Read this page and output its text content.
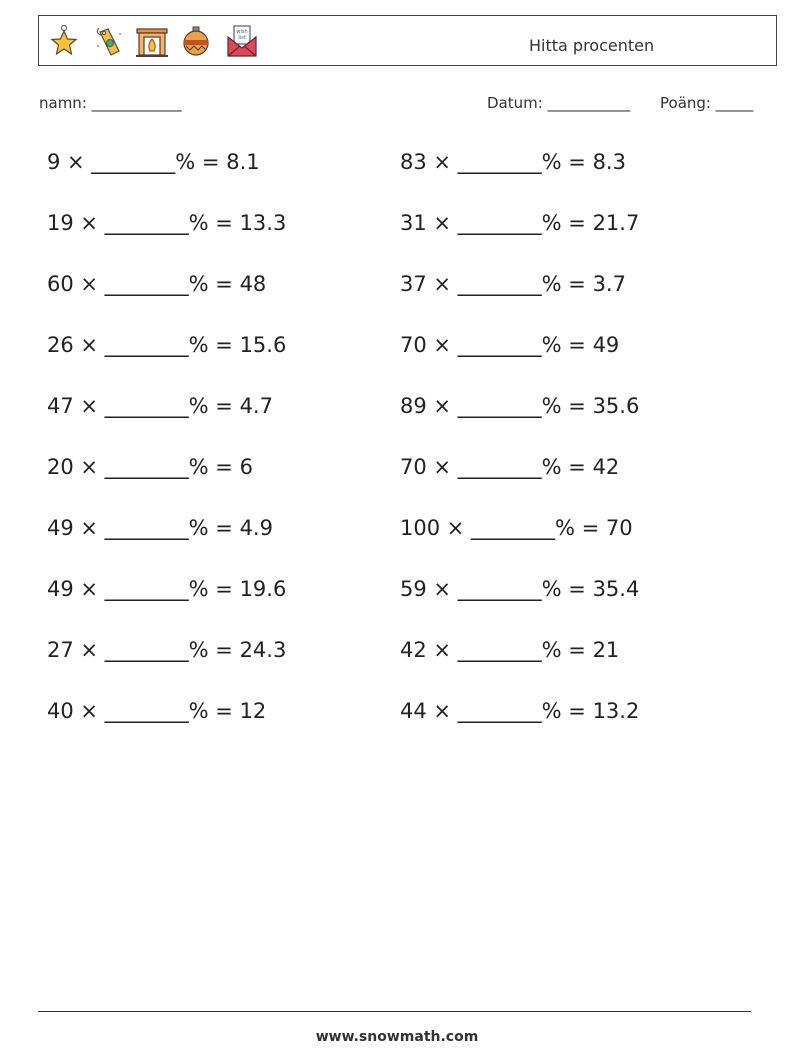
wish
list	Hitta procenten
namn: ____________	Datum: ___________ Poäng: _____
9 × ________% = 8.1
19 × ________% = 13.3
60 × ________% = 48
26 × ________% = 15.6
47 × ________% = 4.7
20 × ________% = 6
49 × ________% = 4.9
49 × ________% = 19.6
27 × ________% = 24.3
40 × ________% = 12
83 × ________% = 8.3
31 × ________% = 21.7
37 × ________% = 3.7
70 × ________% = 49
89 × ________% = 35.6
70 × ________% = 42
100 × ________% = 70
59 × ________% = 35.4
42 × ________% = 21
44 × ________% = 13.2
www.snowmath.com
